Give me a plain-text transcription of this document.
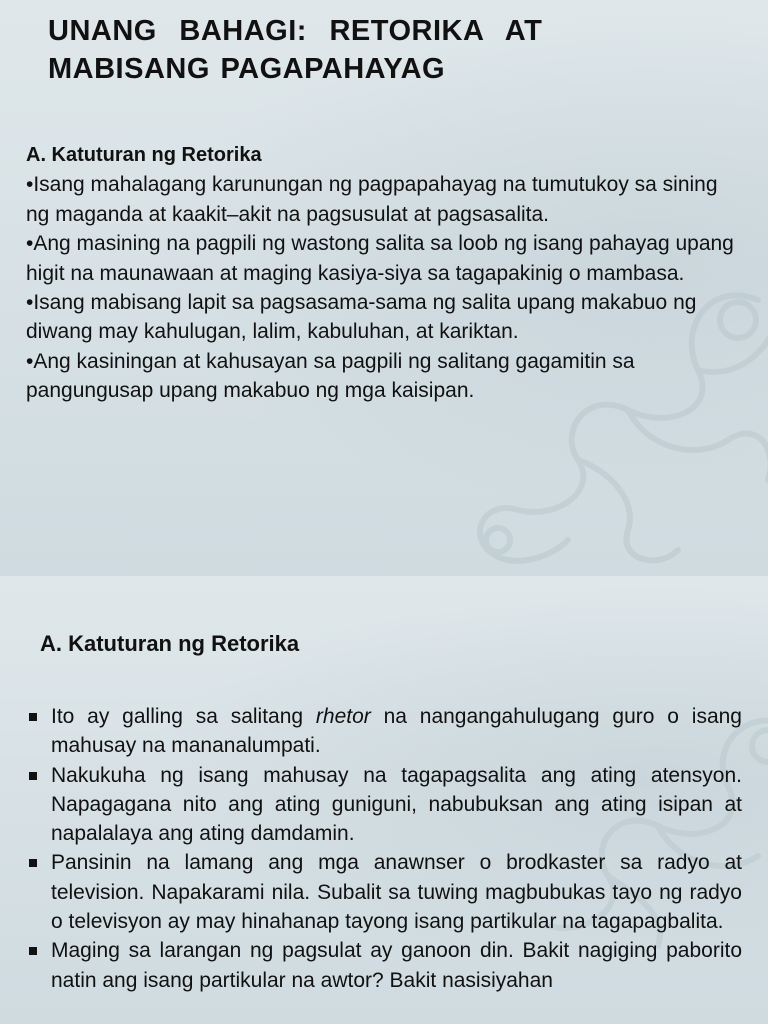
UNANG BAHAGI: RETORIKA AT
MABISANG PAGAPAHAYAG
A. Katuturan ng Retorika
•Isang mahalagang karunungan ng pagpapahayag na tumutukoy sa sining ng maganda at kaakit–akit na pagsusulat at pagsasalita.
•Ang masining na pagpili ng wastong salita sa loob ng isang pahayag upang higit na maunawaan at maging kasiya-siya sa tagapakinig o mambasa.
•Isang mabisang lapit sa pagsasama-sama ng salita upang makabuo ng diwang may kahulugan, lalim, kabuluhan, at kariktan.
•Ang kasiningan at kahusayan sa pagpili ng salitang gagamitin sa pangungusap upang makabuo ng mga kaisipan.
A. Katuturan ng Retorika
Ito ay galling sa salitang rhetor na nangangahulugang guro o isang mahusay na mananalumpati.
Nakukuha ng isang mahusay na tagapagsalita ang ating atensyon. Napagagana nito ang ating guniguni, nabubuksan ang ating isipan at napalalaya ang ating damdamin.
Pansinin na lamang ang mga anawnser o brodkaster sa radyo at television. Napakarami nila. Subalit sa tuwing magbubukas tayo ng radyo o televisyon ay may hinahanap tayong isang partikular na tagapagbalita.
Maging sa larangan ng pagsulat ay ganoon din. Bakit nagiging paborito natin ang isang partikular na awtor? Bakit nasisiyahan
